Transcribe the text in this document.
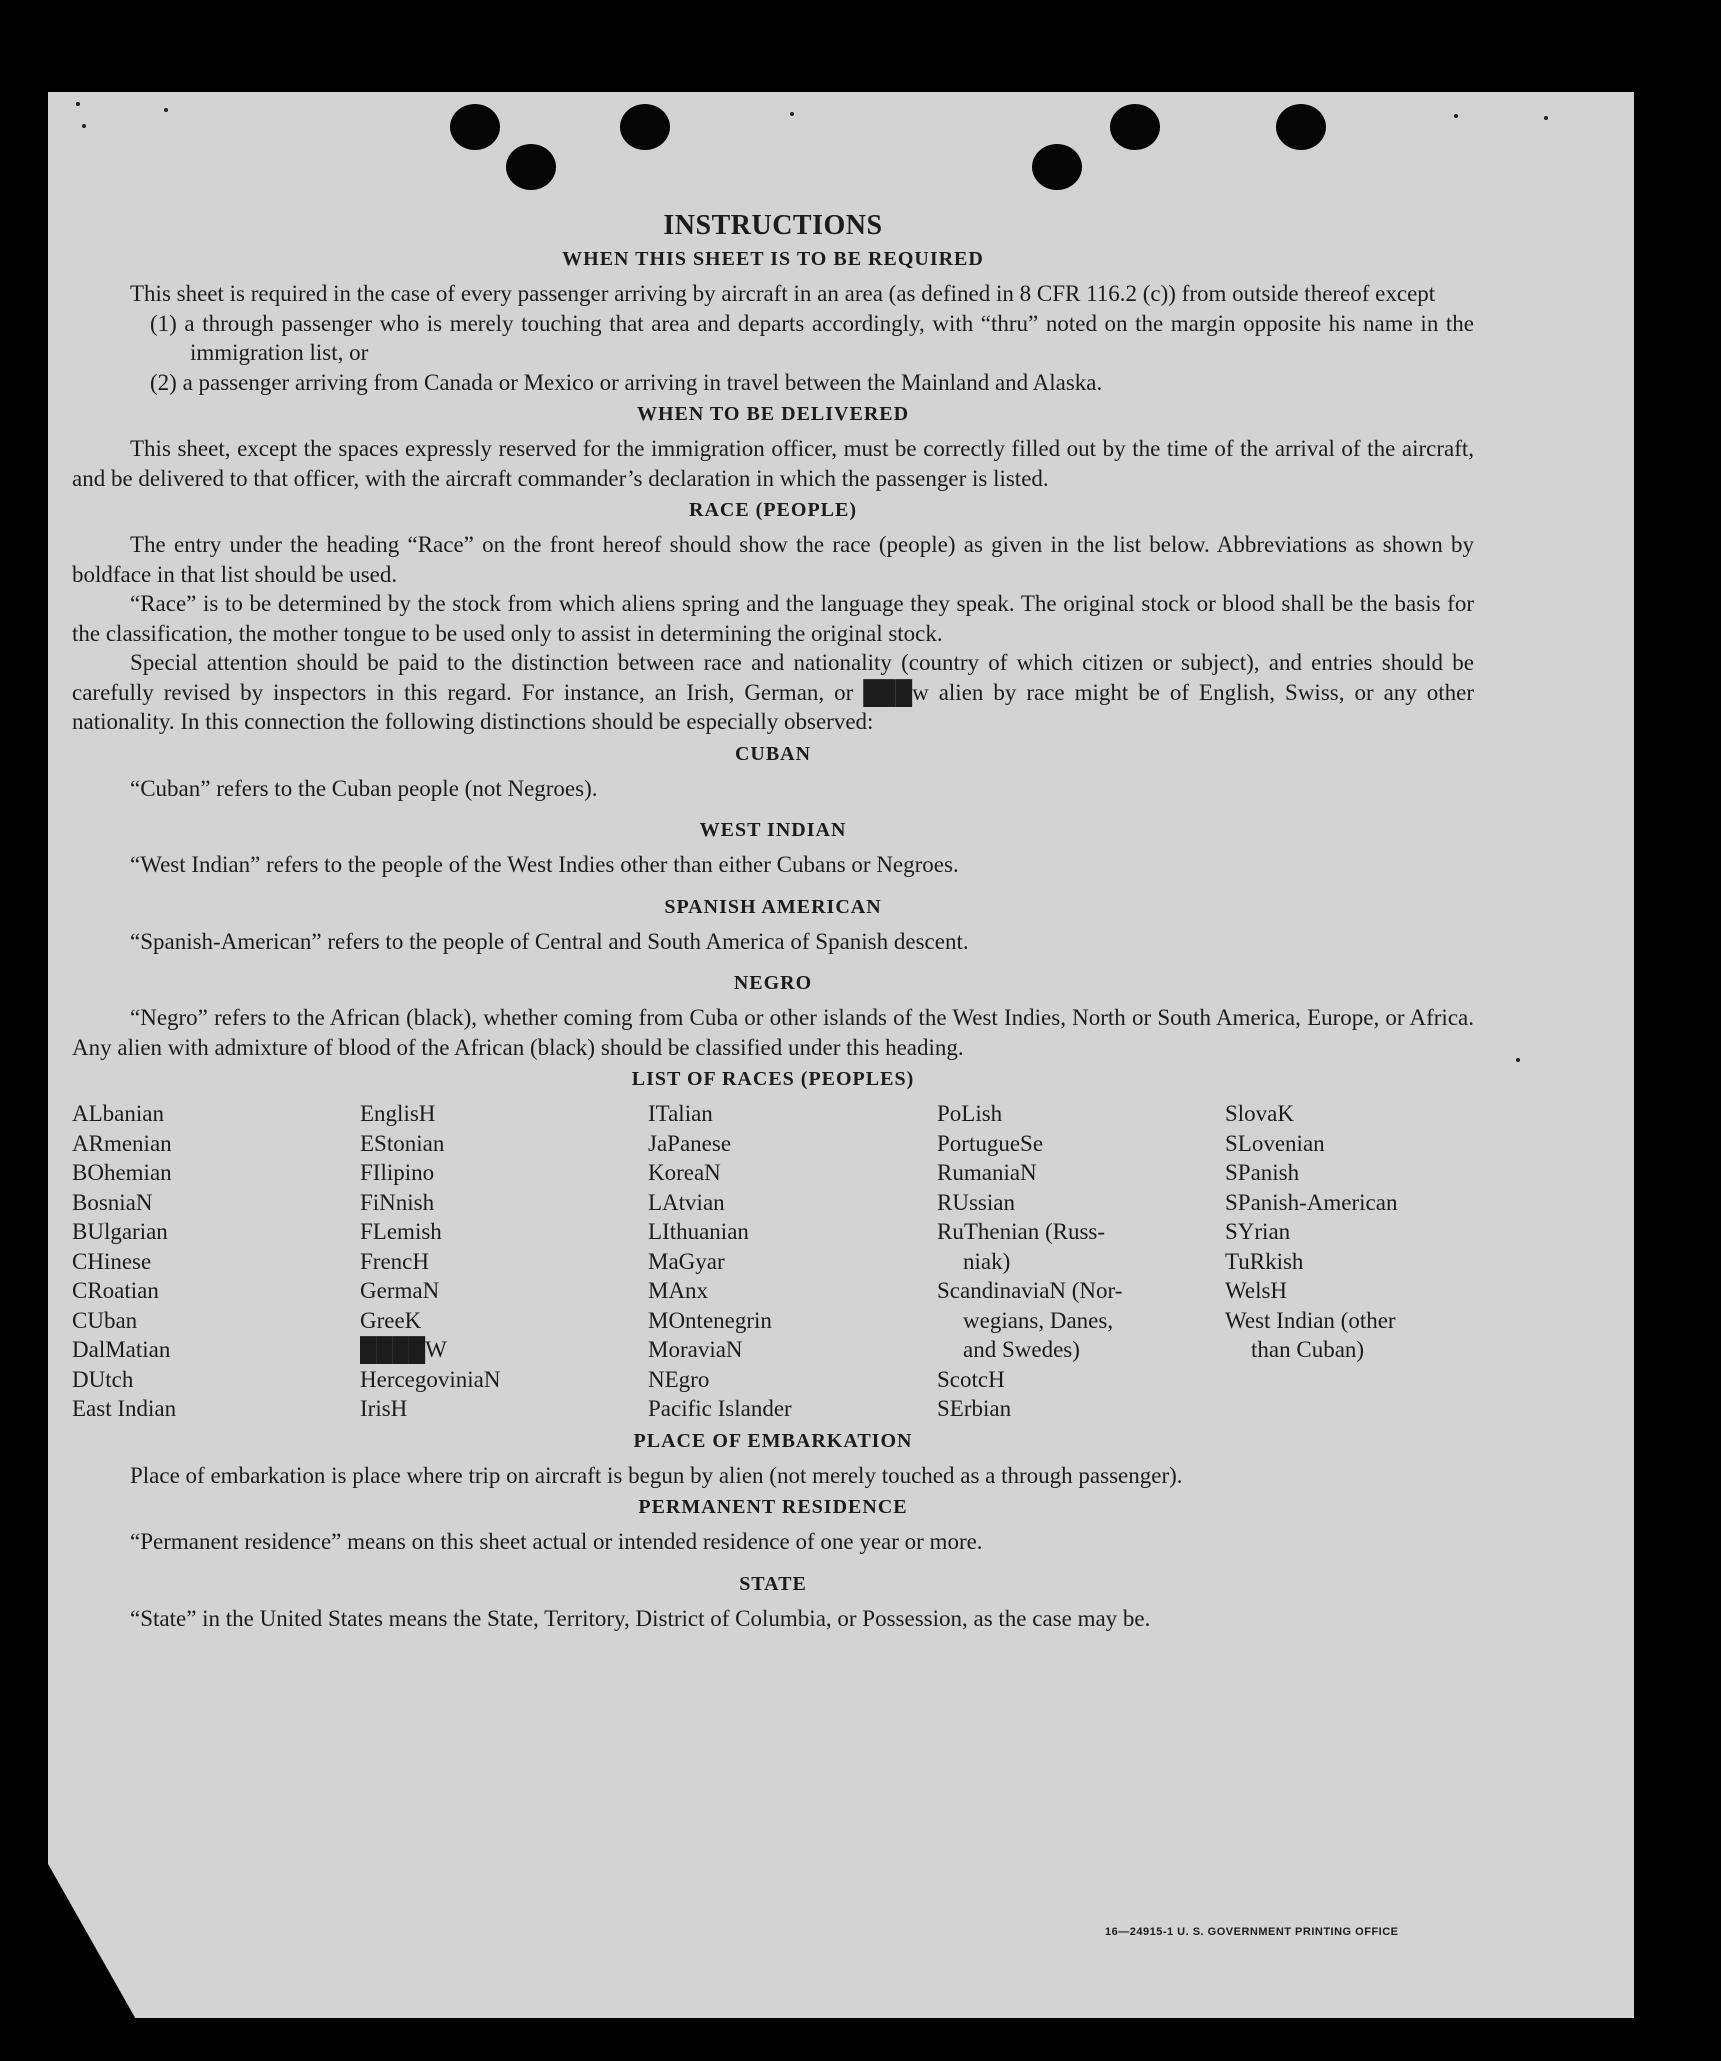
INSTRUCTIONS
WHEN THIS SHEET IS TO BE REQUIRED

This sheet is required in the case of every passenger arriving by aircraft in an area (as defined in 8 CFR 116.2 (c)) from outside thereof except

(1) a through passenger who is merely touching that area and departs accordingly, with “thru” noted on the margin opposite his name in the immigration list, or

(2) a passenger arriving from Canada or Mexico or arriving in travel between the Mainland and Alaska.

WHEN TO BE DELIVERED

This sheet, except the spaces expressly reserved for the immigration officer, must be correctly filled out by the time of the arrival of the aircraft, and be delivered to that officer, with the aircraft commander’s declaration in which the passenger is listed.

RACE (PEOPLE)

The entry under the heading “Race” on the front hereof should show the race (people) as given in the list below. Abbreviations as shown by boldface in that list should be used.

“Race” is to be determined by the stock from which aliens spring and the language they speak. The original stock or blood shall be the basis for the classification, the mother tongue to be used only to assist in determining the original stock.

Special attention should be paid to the distinction between race and nationality (country of which citizen or subject), and entries should be carefully revised by inspectors in this regard. For instance, an Irish, German, or ███w alien by race might be of English, Swiss, or any other nationality. In this connection the following distinctions should be especially observed:

CUBAN

“Cuban” refers to the Cuban people (not Negroes).

WEST INDIAN

“West Indian” refers to the people of the West Indies other than either Cubans or Negroes.

SPANISH AMERICAN

“Spanish-American” refers to the people of Central and South America of Spanish descent.

NEGRO

“Negro” refers to the African (black), whether coming from Cuba or other islands of the West Indies, North or South America, Europe, or Africa. Any alien with admixture of blood of the African (black) should be classified under this heading.

LIST OF RACES (PEOPLES)
ALbanian
ARmenian
BOhemian
BosniaN
BUlgarian
CHinese
CRoatian
CUban
DalMatian
DUtch
East Indian
EnglisH
EStonian
FIlipino
FiNnish
FLemish
FrencH
GermaN
GreeK
████W
HercegoviniaN
IrisH
ITalian
JaPanese
KoreaN
LAtvian
LIthuanian
MaGyar
MAnx
MOntenegrin
MoraviaN
NEgro
Pacific Islander
PoLish
PortugueSe
RumaniaN
RUssian
RuThenian (Russ-
niak)
ScandinaviaN (Nor-
wegians, Danes,
and Swedes)
ScotcH
SErbian
SlovaK
SLovenian
SPanish
SPanish-American
SYrian
TuRkish
WelsH
West Indian (other
than Cuban)
PLACE OF EMBARKATION

Place of embarkation is place where trip on aircraft is begun by alien (not merely touched as a through passenger).

PERMANENT RESIDENCE

“Permanent residence” means on this sheet actual or intended residence of one year or more.

STATE

“State” in the United States means the State, Territory, District of Columbia, or Possession, as the case may be.

16—24915-1 U. S. GOVERNMENT PRINTING OFFICE
